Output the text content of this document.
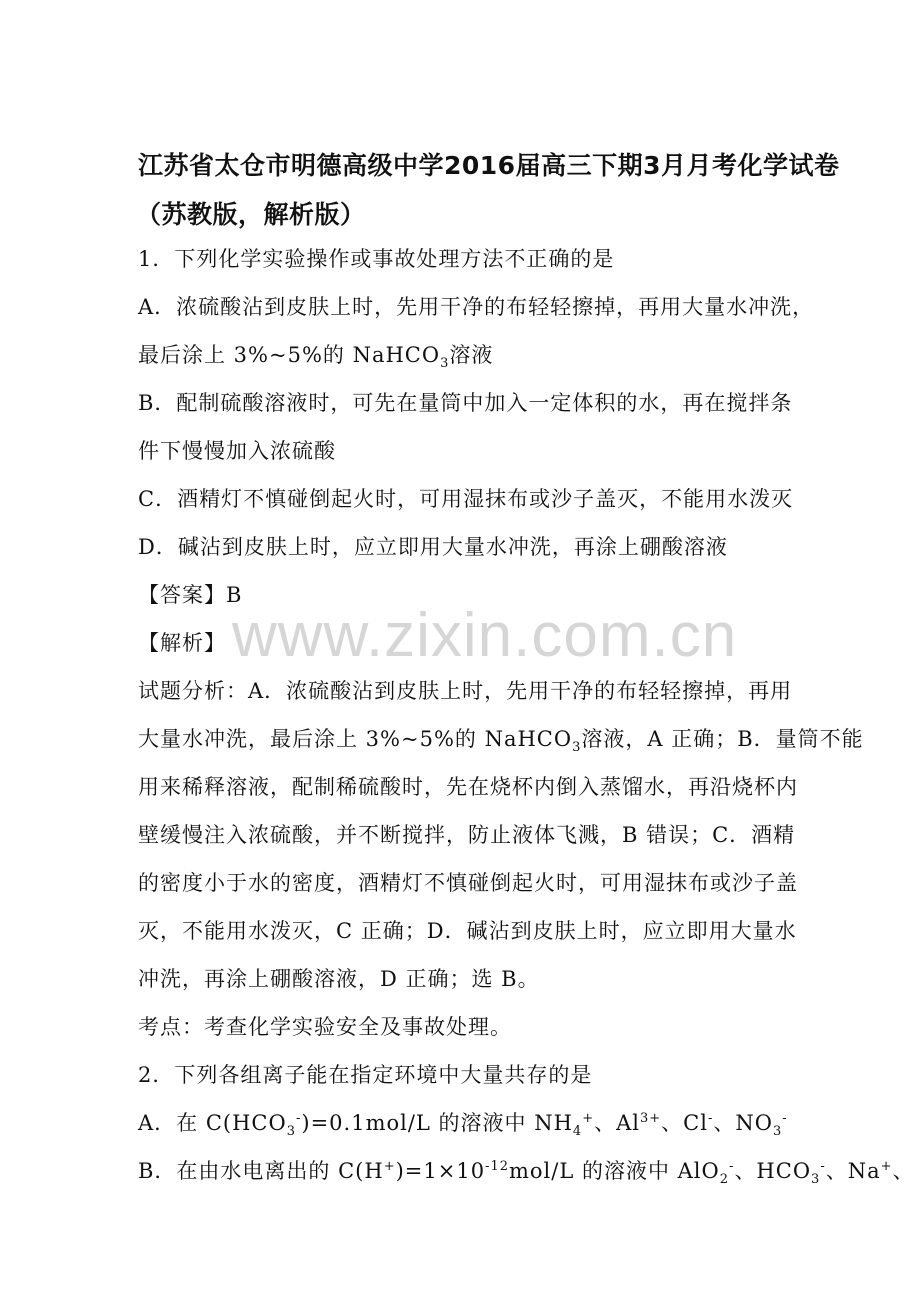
江苏省太仓市明德高级中学2016届高三下期3月月考化学试卷
（苏教版，解析版）
1．下列化学实验操作或事故处理方法不正确的是
A．浓硫酸沾到皮肤上时，先用干净的布轻轻擦掉，再用大量水冲洗，
最后涂上 3%~5%的 NaHCO$_3$溶液
B．配制硫酸溶液时，可先在量筒中加入一定体积的水，再在搅拌条
件下慢慢加入浓硫酸
C．酒精灯不慎碰倒起火时，可用湿抹布或沙子盖灭，不能用水泼灭
D．碱沾到皮肤上时，应立即用大量水冲洗，再涂上硼酸溶液
【答案】B
【解析】 www.zixin.com.cn
试题分析：A．浓硫酸沾到皮肤上时，先用干净的布轻轻擦掉，再用
大量水冲洗，最后涂上 3%~5%的 NaHCO$_3$溶液，A 正确；B．量筒不能
用来稀释溶液，配制稀硫酸时，先在烧杯内倒入蒸馏水，再沿烧杯内
壁缓慢注入浓硫酸，并不断搅拌，防止液体飞溅，B 错误；C．酒精
的密度小于水的密度，酒精灯不慎碰倒起火时，可用湿抹布或沙子盖
灭，不能用水泼灭，C 正确；D．碱沾到皮肤上时，应立即用大量水
冲洗，再涂上硼酸溶液，D 正确；选 B。
考点：考查化学实验安全及事故处理。
2．下列各组离子能在指定环境中大量共存的是
A．在 $C(HCO_3^-)=0.1mol/L$ 的溶液中 $NH_4^+$、$Al^{3+}$、Cl-、$NO_3^-$
B．在由水电离出的 $C(H^+)=1\times 10^{-12}mol/L$ 的溶液中 AlO$_2$-、$HCO_3^-$、Na+、
